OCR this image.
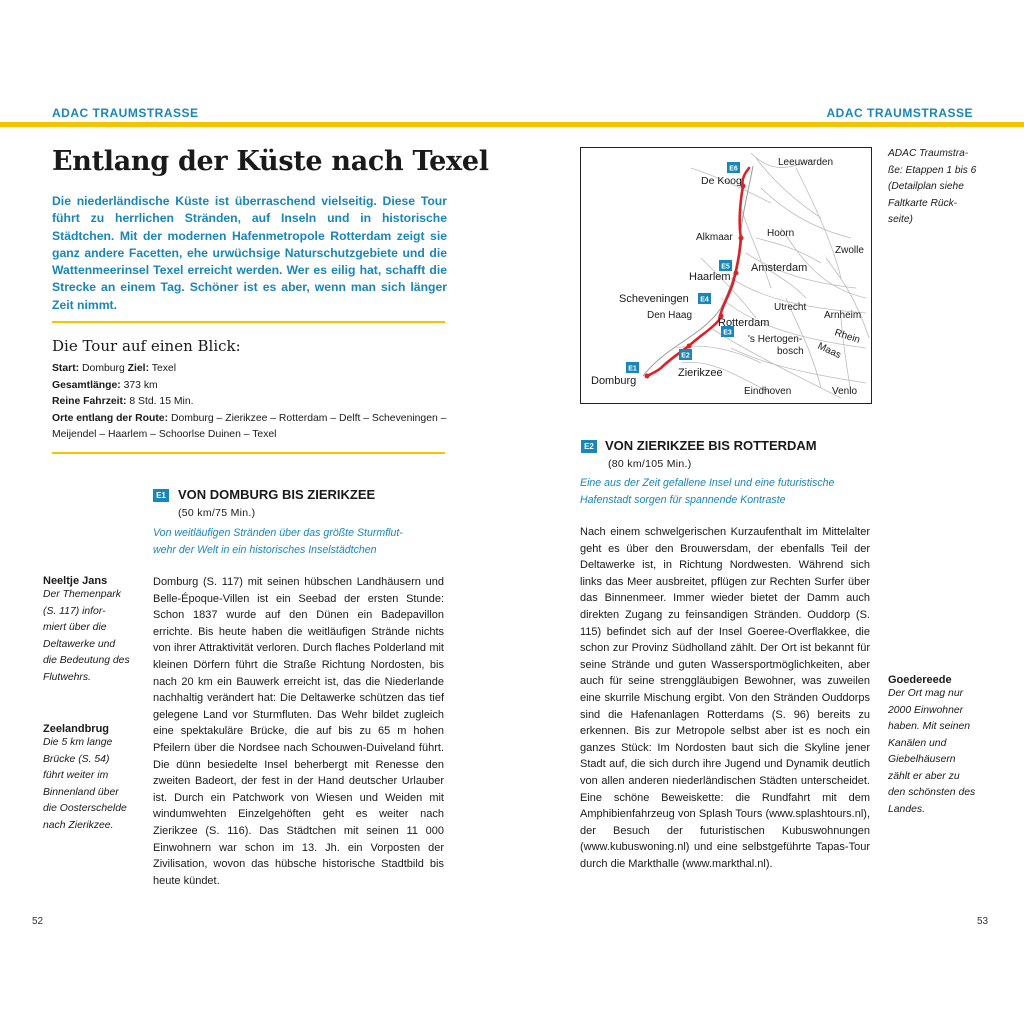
ADAC TRAUMSTRASSE	ADAC TRAUMSTRASSE
Entlang der Küste nach Texel
Die niederländische Küste ist überraschend vielseitig. Diese Tour führt zu herrlichen Stränden, auf Inseln und in historische Städtchen. Mit der modernen Hafenmetropole Rotterdam zeigt sie ganz andere Facetten, ehe urwüchsige Naturschutzgebiete und die Wattenmeerinsel Texel erreicht werden. Wer es eilig hat, schafft die Strecke an einem Tag. Schöner ist es aber, wenn man sich länger Zeit nimmt.
Die Tour auf einen Blick:
Start: Domburg Ziel: Texel
Gesamtlänge: 373 km
Reine Fahrzeit: 8 Std. 15 Min.
Orte entlang der Route: Domburg – Zierikzee – Rotterdam – Delft – Scheveningen – Meijendel – Haarlem – Schoorlse Duinen – Texel
E1 VON DOMBURG BIS ZIERIKZEE
(50 km/75 Min.)
Von weitläufigen Stränden über das größte Sturmflut-
wehr der Welt in ein historisches Inselstädtchen
Domburg (S. 117) mit seinen hübschen Landhäusern und Belle-Époque-Villen ist ein Seebad der ersten Stunde: Schon 1837 wurde auf den Dünen ein Badepavillon errichte. Bis heute haben die weitläufigen Strände nichts von ihrer Attraktivität verloren. Durch flaches Polderland mit kleinen Dörfern führt die Straße Richtung Nordosten, bis nach 20 km ein Bauwerk erreicht ist, das die Niederlande nachhaltig verändert hat: Die Deltawerke schützen das tief gelegene Land vor Sturmfluten. Das Wehr bildet zugleich eine spektakuläre Brücke, die auf bis zu 65 m hohen Pfeilern über die Nordsee nach Schouwen-Duiveland führt. Die dünn besiedelte Insel beherbergt mit Renesse den zweiten Badeort, der fest in der Hand deutscher Urlauber ist. Durch ein Patchwork von Wiesen und Weiden mit windumwehten Einzelgehöften geht es weiter nach Zierikzee (S. 116). Das Städtchen mit seinen 11 000 Einwohnern war schon im 13. Jh. ein Vorposten der Zivilisation, wovon das hübsche historische Stadtbild bis heute kündet.
Neeltje Jans
Der Themenpark
(S. 117) infor-
miert über die
Deltawerke und
die Bedeutung des
Flutwehrs.
Zeelandbrug
Die 5 km lange
Brücke (S. 54)
führt weiter im
Binnenland über
die Oosterschelde
nach Zierikzee.
E6
E5
E4
E3
E2
E1
Leeuwarden
De Koog
Alkmaar	Hoorn
Zwolle
Amsterdam
Haarlem
Scheveningen
Utrecht
Den Haag
Rotterdam
Arnheim
Rhein
's Hertogen-
bosch Maas
Zierikzee
Domburg
Eindhoven	Venlo
ADAC Traumstra-
ße: Etappen 1 bis 6
(Detailplan siehe
Faltkarte Rück-
seite)
E2 VON ZIERIKZEE BIS ROTTERDAM
(80 km/105 Min.)
Eine aus der Zeit gefallene Insel und eine futuristische
Hafenstadt sorgen für spannende Kontraste
Nach einem schwelgerischen Kurzaufenthalt im Mittelalter geht es über den Brouwersdam, der ebenfalls Teil der Deltawerke ist, in Richtung Nordwesten. Während sich links das Meer ausbreitet, pflügen zur Rechten Surfer über das Binnenmeer. Immer wieder bietet der Damm auch direkten Zugang zu feinsandigen Stränden. Ouddorp (S. 115) befindet sich auf der Insel Goeree-Overflakkee, die schon zur Provinz Südholland zählt. Der Ort ist bekannt für seine Strände und guten Wassersportmöglichkeiten, aber auch für seine strenggläubigen Bewohner, was zuweilen eine skurrile Mischung ergibt. Von den Stränden Ouddorps sind die Hafenanlagen Rotterdams (S. 96) bereits zu erkennen. Bis zur Metropole selbst aber ist es noch ein ganzes Stück: Im Nordosten baut sich die Skyline jener Stadt auf, die sich durch ihre Jugend und Dynamik deutlich von allen anderen niederländischen Städten unterscheidet. Eine schöne Beweiskette: die Rundfahrt mit dem Amphibienfahrzeug von Splash Tours (www.splashtours.nl), der Besuch der futuristischen Kubuswohnungen (www.kubuswoning.nl) und eine selbstgeführte Tapas-Tour durch die Markthalle (www.markthal.nl).
Goedereede
Der Ort mag nur
2000 Einwohner
haben. Mit seinen
Kanälen und
Giebelhäusern
zählt er aber zu
den schönsten des
Landes.
52	53
